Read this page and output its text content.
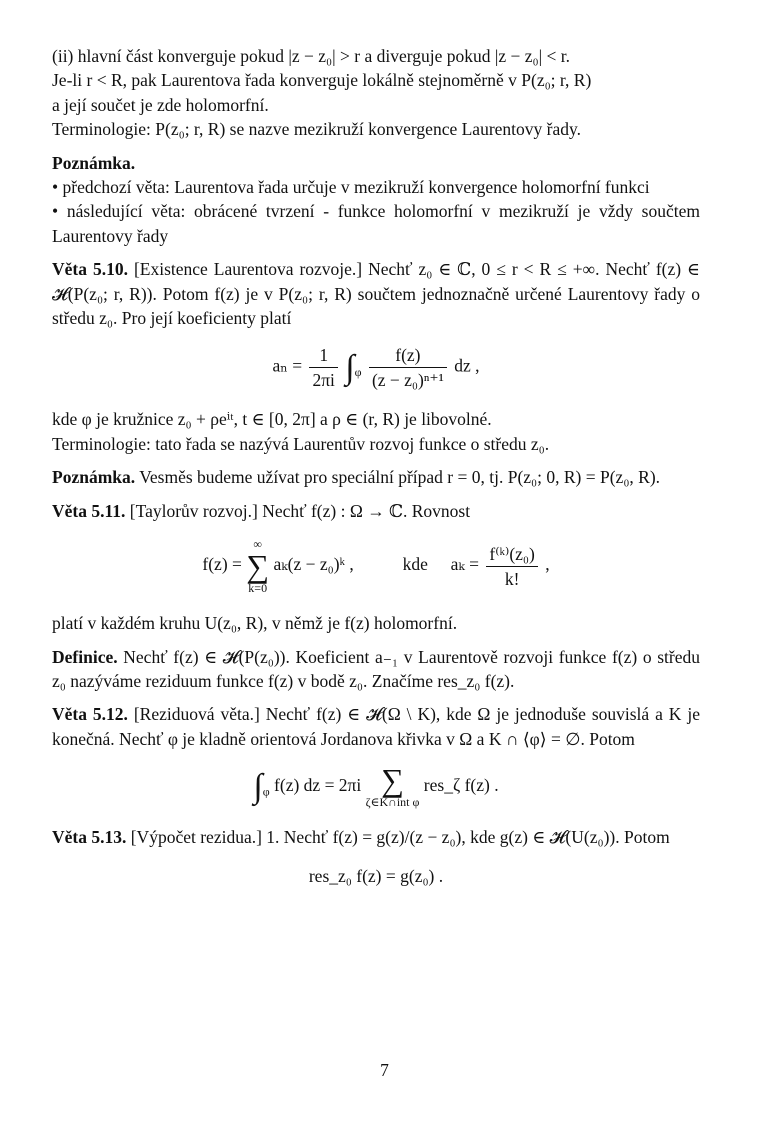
(ii) hlavní část konverguje pokud |z − z₀| > r a diverguje pokud |z − z₀| < r.

Je-li r < R, pak Laurentova řada konverguje lokálně stejnoměrně v P(z₀; r, R)

a její součet je zde holomorfní.

Terminologie: P(z₀; r, R) se nazve mezikruží konvergence Laurentovy řady.

Poznámka.

• předchozí věta: Laurentova řada určuje v mezikruží konvergence holomorfní funkci

• následující věta: obrácené tvrzení - funkce holomorfní v mezikruží je vždy součtem Laurentovy řady

Věta 5.10. [Existence Laurentova rozvoje.] Nechť z₀ ∈ ℂ, 0 ≤ r < R ≤ +∞. Nechť f(z) ∈ 𝓗(P(z₀; r, R)). Potom f(z) je v P(z₀; r, R) součtem jednoznačně určené Laurentovy řady o středu z₀. Pro její koeficienty platí

$a_n = \frac{1}{2\pi i} \int_\varphi \frac{f(z)}{\text{(z − z₀)ⁿ⁺¹}}$ dz ,

kde φ je kružnice z₀ + ρeⁱᵗ, t ∈ [0, 2π] a ρ ∈ (r, R) je libovolné.

Terminologie: tato řada se nazývá Laurentův rozvoj funkce o středu z₀.

Poznámka. Vesměs budeme užívat pro speciální případ r = 0, tj. P(z₀; 0, R) = P(z₀, R).

Věta 5.11. [Taylorův rozvoj.] Nechť f(z) : Ω → ℂ. Rovnost

f(z) =
∞
∑
k=0
aₖ(z − z₀)ᵏ ,	kde $a_k = \frac{\text{f⁽ᵏ⁾(z₀)}}{k!}$ ,

platí v každém kruhu U(z₀, R), v němž je f(z) holomorfní.

Definice. Nechť f(z) ∈ 𝓗(P(z₀)). Koeficient a₋₁ v Laurentově rozvoji funkce f(z) o středu z₀ nazýváme reziduum funkce f(z) v bodě z₀. Značíme res_z₀ f(z).

Věta 5.12. [Reziduová věta.] Nechť f(z) ∈ 𝓗(Ω \ K), kde Ω je jednoduše souvislá a K je konečná. Nechť φ je kladně orientová Jordanova křivka v Ω a K ∩ ⟨φ⟩ = ∅. Potom

$\int_\varphi$ f(z) dz = 2πi ∑
ζ∈K∩int φ
res_ζ f(z) .

Věta 5.13. [Výpočet rezidua.] 1. Nechť f(z) = g(z)/(z − z₀), kde g(z) ∈ 𝓗(U(z₀)). Potom

res_z₀ f(z) = g(z₀) .
7
